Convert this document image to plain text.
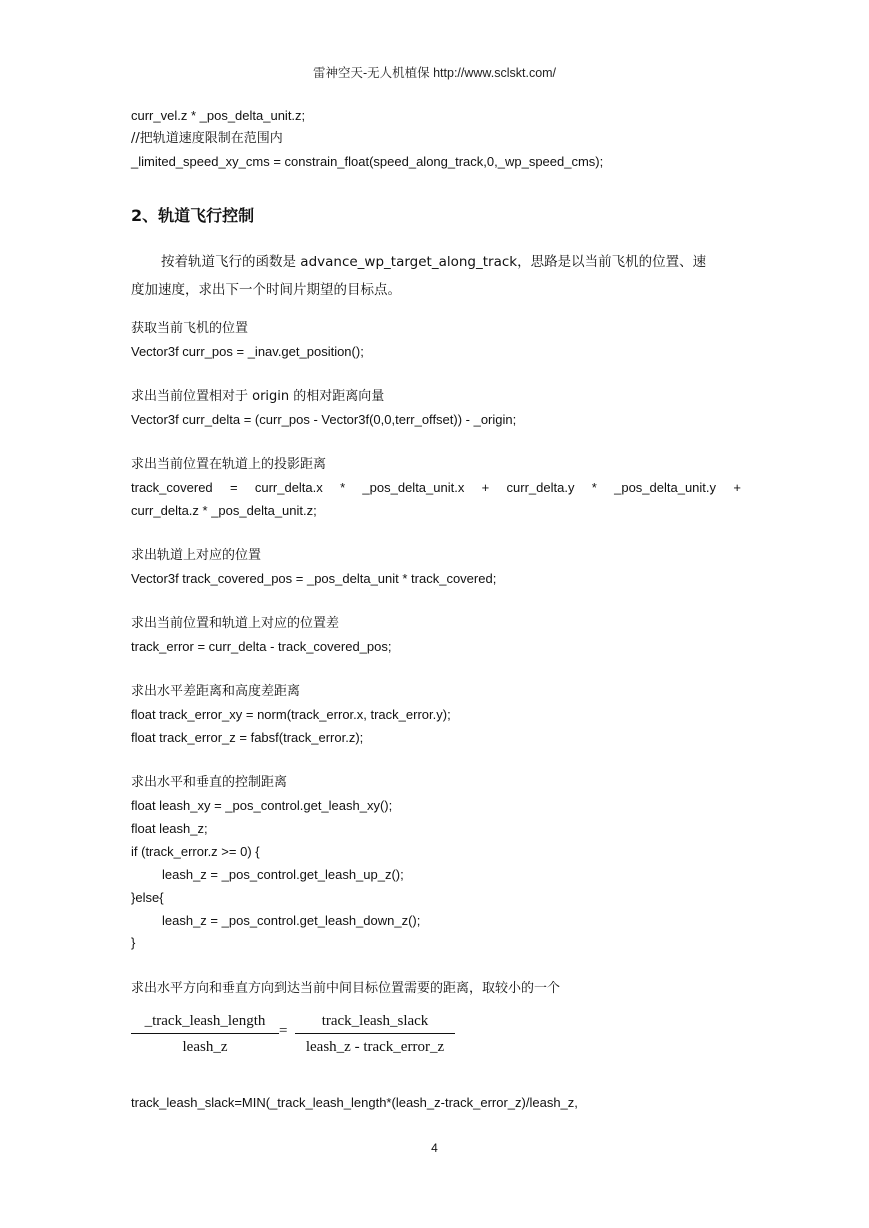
雷神空天-无人机植保 http://www.sclskt.com/
curr_vel.z * _pos_delta_unit.z;
//把轨道速度限制在范围内
_limited_speed_xy_cms = constrain_float(speed_along_track,0,_wp_speed_cms);
2、轨道飞行控制
按着轨道飞行的函数是 advance_wp_target_along_track，思路是以当前飞机的位置、速
度加速度，求出下一个时间片期望的目标点。
获取当前飞机的位置
Vector3f curr_pos = _inav.get_position();
求出当前位置相对于 origin 的相对距离向量
Vector3f curr_delta = (curr_pos - Vector3f(0,0,terr_offset)) - _origin;
求出当前位置在轨道上的投影距离
track_covered = curr_delta.x * _pos_delta_unit.x + curr_delta.y * _pos_delta_unit.y +
curr_delta.z * _pos_delta_unit.z;
求出轨道上对应的位置
Vector3f track_covered_pos = _pos_delta_unit * track_covered;
求出当前位置和轨道上对应的位置差
track_error = curr_delta - track_covered_pos;
求出水平差距离和高度差距离
float track_error_xy = norm(track_error.x, track_error.y);
float track_error_z = fabsf(track_error.z);
求出水平和垂直的控制距离
float leash_xy = _pos_control.get_leash_xy();
float leash_z;
if (track_error.z >= 0) {
leash_z = _pos_control.get_leash_up_z();
}else{
leash_z = _pos_control.get_leash_down_z();
}
求出水平方向和垂直方向到达当前中间目标位置需要的距离，取较小的一个
_track_leash_length
leash_z
=
track_leash_slack
leash_z - track_error_z
track_leash_slack=MIN(_track_leash_length*(leash_z-track_error_z)/leash_z,
4
